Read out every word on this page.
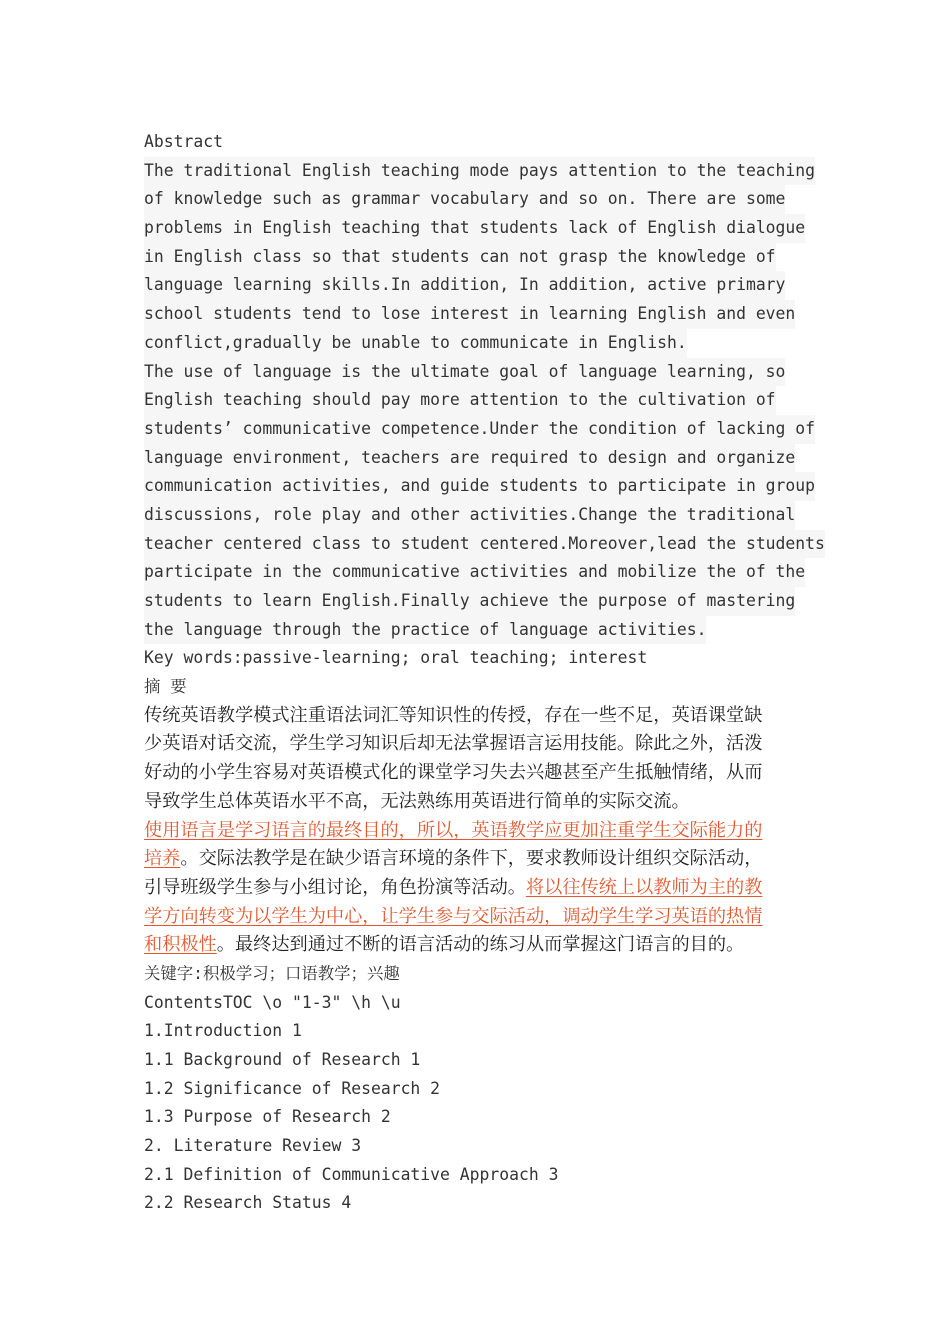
Abstract
The traditional English teaching mode pays attention to the teaching
of knowledge such as grammar vocabulary and so on. There are some
problems in English teaching that students lack of English dialogue
in English class so that students can not grasp the knowledge of
language learning skills.In addition, In addition, active primary
school students tend to lose interest in learning English and even
conflict,gradually be unable to communicate in English.
The use of language is the ultimate goal of language learning, so
English teaching should pay more attention to the cultivation of
students’ communicative competence.Under the condition of lacking of
language environment, teachers are required to design and organize
communication activities, and guide students to participate in group
discussions, role play and other activities.Change the traditional
teacher centered class to student centered.Moreover,lead the students
participate in the communicative activities and mobilize the of the
students to learn English.Finally achieve the purpose of mastering
the language through the practice of language activities.
Key words:passive-learning; oral teaching; interest
摘 要
传统英语教学模式注重语法词汇等知识性的传授，存在一些不足，英语课堂缺
少英语对话交流，学生学习知识后却无法掌握语言运用技能。除此之外，活泼
好动的小学生容易对英语模式化的课堂学习失去兴趣甚至产生抵触情绪，从而
导致学生总体英语水平不高，无法熟练用英语进行简单的实际交流。
使用语言是学习语言的最终目的，所以，英语教学应更加注重学生交际能力的
培养。交际法教学是在缺少语言环境的条件下，要求教师设计组织交际活动，
引导班级学生参与小组讨论，角色扮演等活动。将以往传统上以教师为主的教
学方向转变为以学生为中心，让学生参与交际活动，调动学生学习英语的热情
和积极性。最终达到通过不断的语言活动的练习从而掌握这门语言的目的。
关键字:积极学习；口语教学；兴趣
ContentsTOC \o "1-3" \h \u
1.Introduction 1
1.1 Background of Research 1
1.2 Significance of Research 2
1.3 Purpose of Research 2
2. Literature Review 3
2.1 Definition of Communicative Approach 3
2.2 Research Status 4
